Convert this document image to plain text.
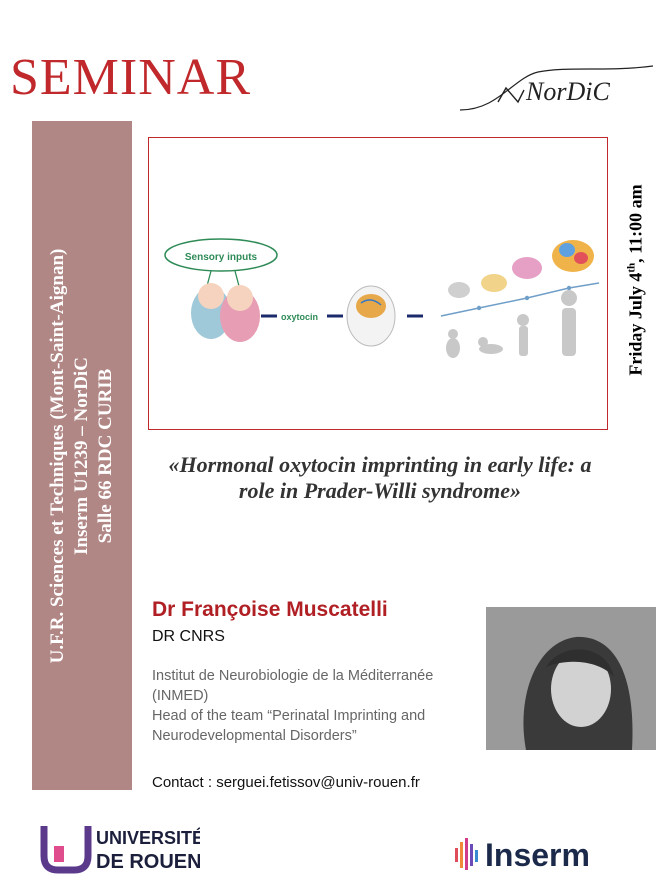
SEMINAR	NorDiC
U.F.R. Sciences et Techniques (Mont-Saint-Aignan) Inserm U1239 – NorDiC Salle 66 RDC CURIB
Friday July 4th, 11:00 am
Sensory inputs
oxytocin
«Hormonal oxytocin imprinting in early life: a role in Prader-Willi syndrome»
Dr Françoise Muscatelli
DR CNRS
Institut de Neurobiologie de la Méditerranée
(INMED)
Head of the team “Perinatal Imprinting and
Neurodevelopmental Disorders”
Contact : serguei.fetissov@univ-rouen.fr
UNIVERSITÉ
DE ROUEN	Inserm
